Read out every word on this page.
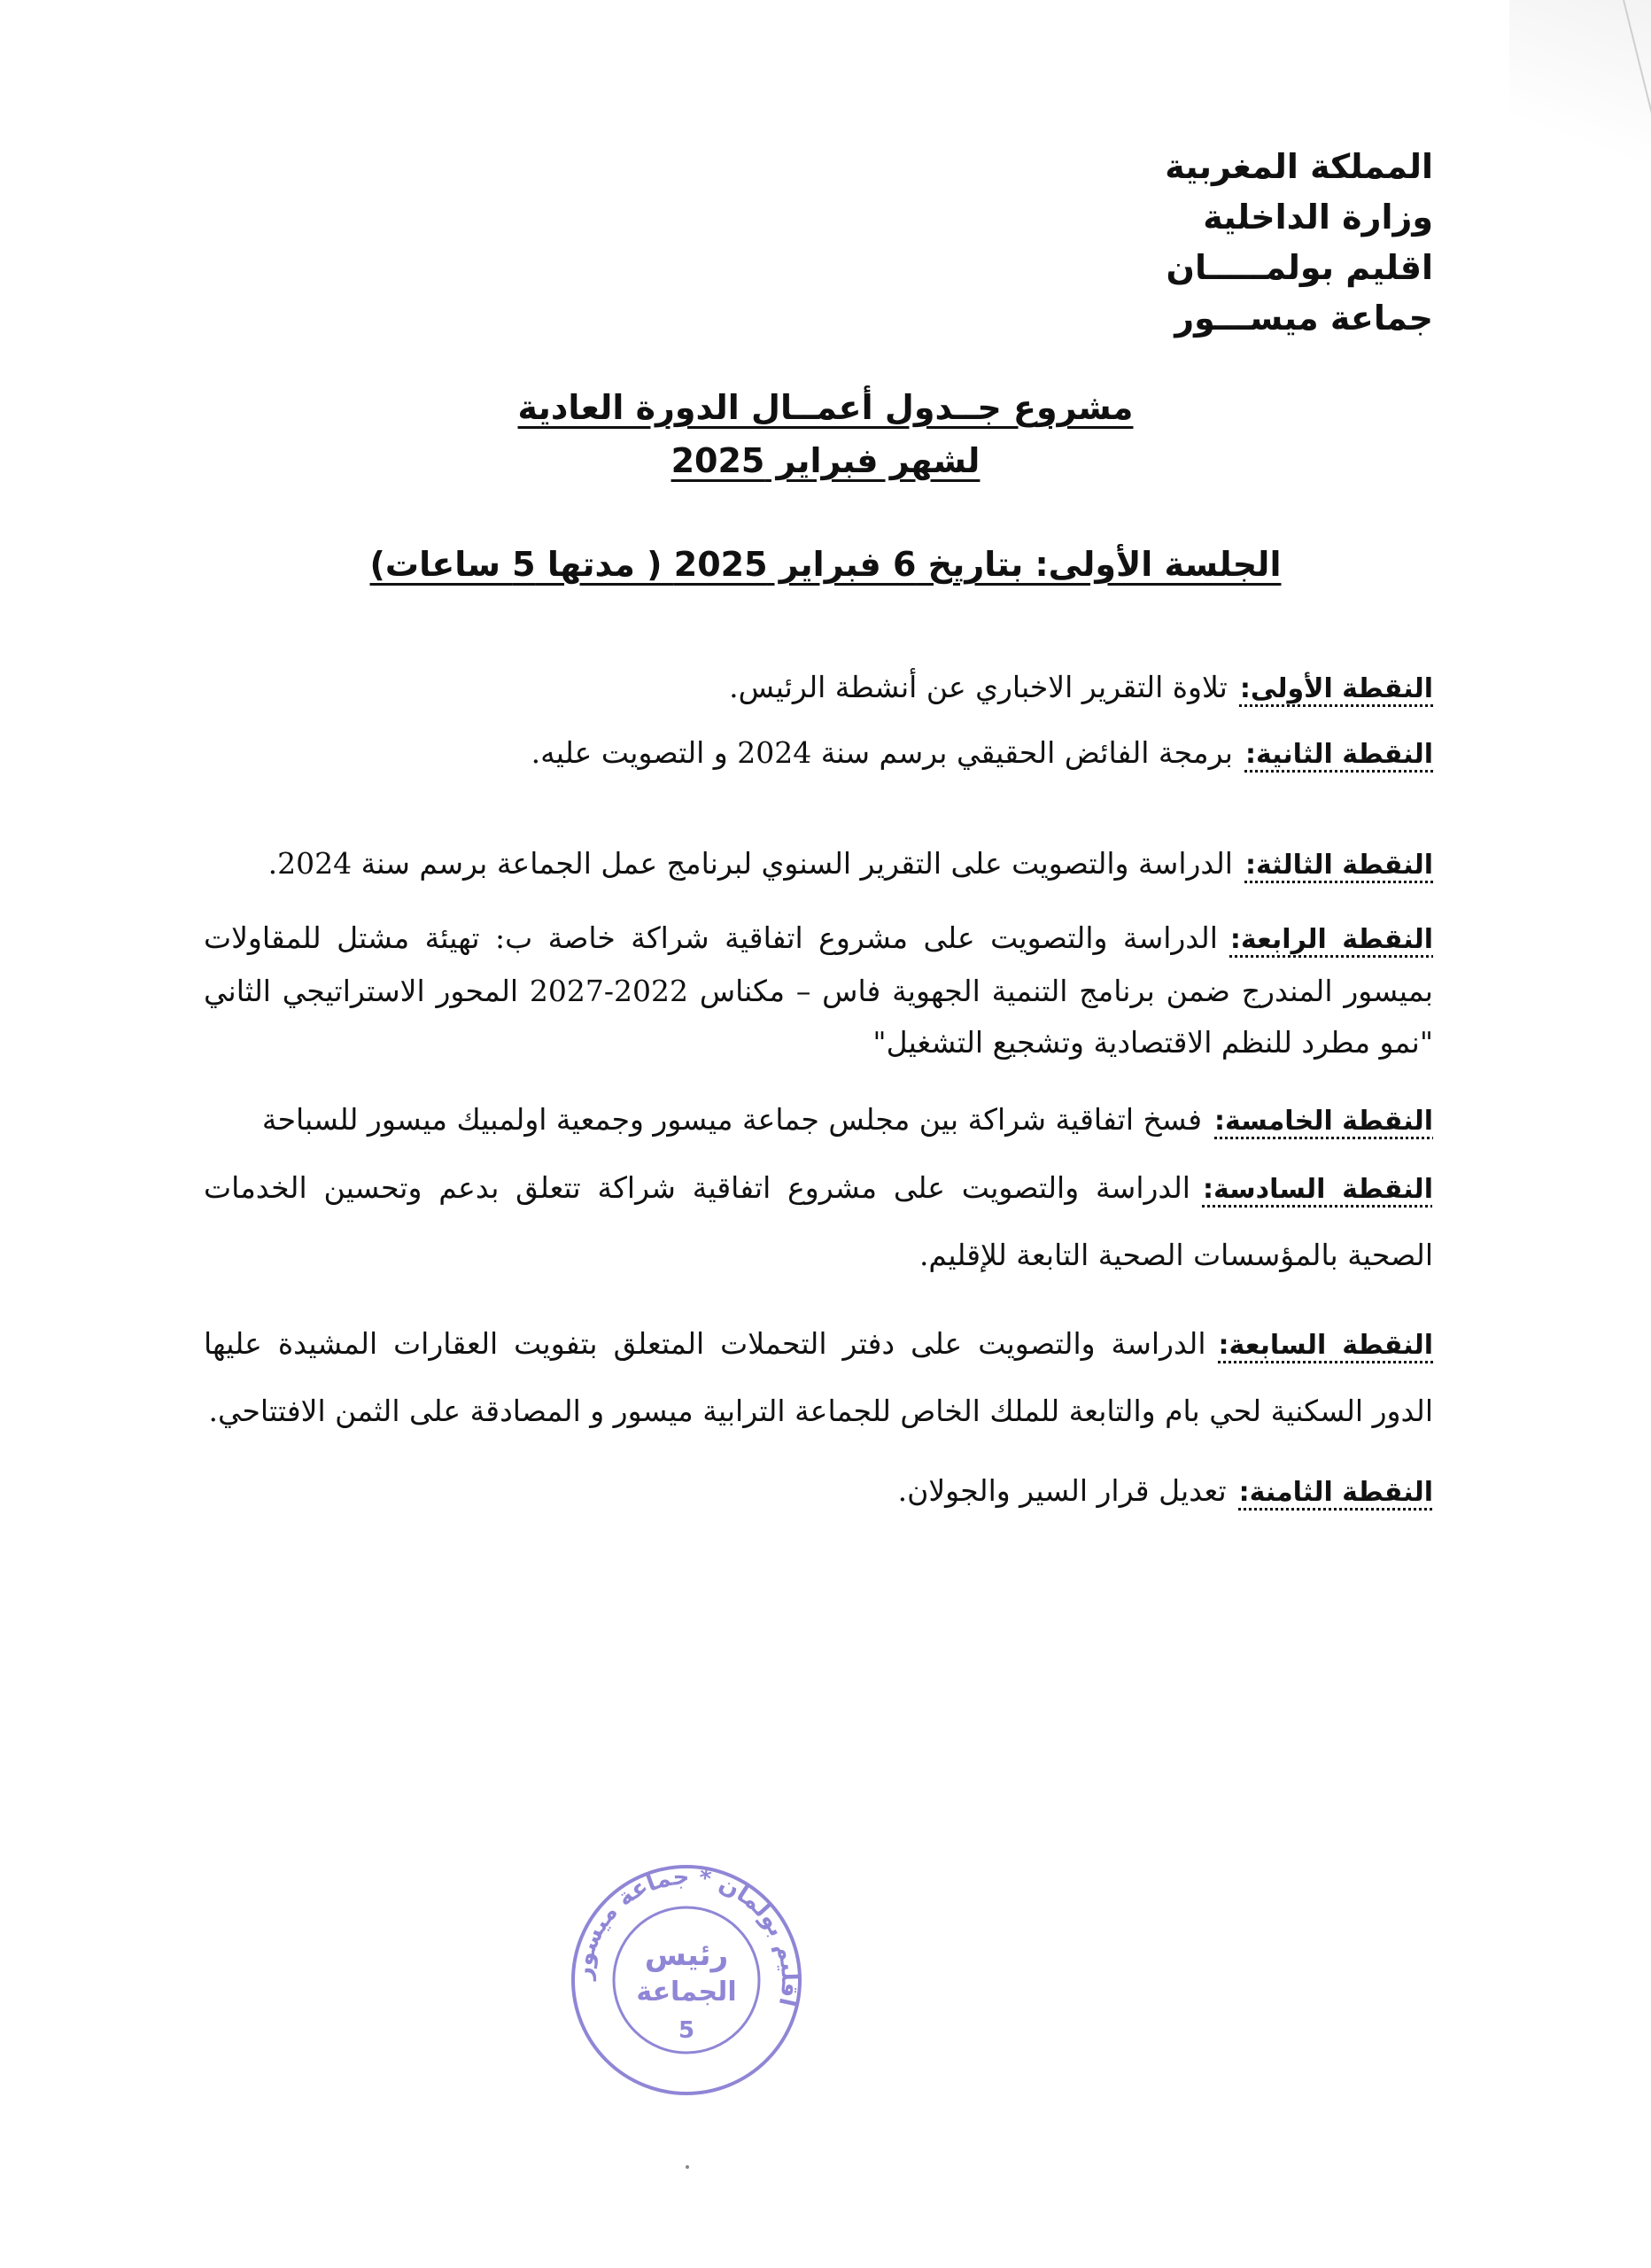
المملكة المغربية
وزارة الداخلية
اقليم بولمـــــان
جماعة ميســـور
مشروع جــدول أعمــال الدورة العادية
لشهر فبراير 2025
الجلسة الأولى: بتاريخ 6 فبراير 2025 ( مدتها 5 ساعات)

النقطة الأولى:تلاوة التقرير الاخباري عن أنشطة الرئيس.

النقطة الثانية:برمجة الفائض الحقيقي برسم سنة 2024 و التصويت عليه.

النقطة الثالثة:الدراسة والتصويت على التقرير السنوي لبرنامج عمل الجماعة برسم سنة 2024.

النقطة الرابعة:الدراسة والتصويت على مشروع اتفاقية شراكة خاصة ب: تهيئة مشتل للمقاولات بميسور المندرج ضمن برنامج التنمية الجهوية فاس – مكناس 2022-2027 المحور الاستراتيجي الثاني "نمو مطرد للنظم الاقتصادية وتشجيع التشغيل"

النقطة الخامسة:فسخ اتفاقية شراكة بين مجلس جماعة ميسور وجمعية اولمبيك ميسور للسباحة

النقطة السادسة:الدراسة والتصويت على مشروع اتفاقية شراكة تتعلق بدعم وتحسين الخدمات الصحية بالمؤسسات الصحية التابعة للإقليم.

النقطة السابعة:الدراسة والتصويت على دفتر التحملات المتعلق بتفويت العقارات المشيدة عليها الدور السكنية لحي بام والتابعة للملك الخاص للجماعة الترابية ميسور و المصادقة على الثمن الافتتاحي.

النقطة الثامنة:تعديل قرار السير والجولان.

اقليم بولمان * جماعة ميسور
رئيس
الجماعة
5
